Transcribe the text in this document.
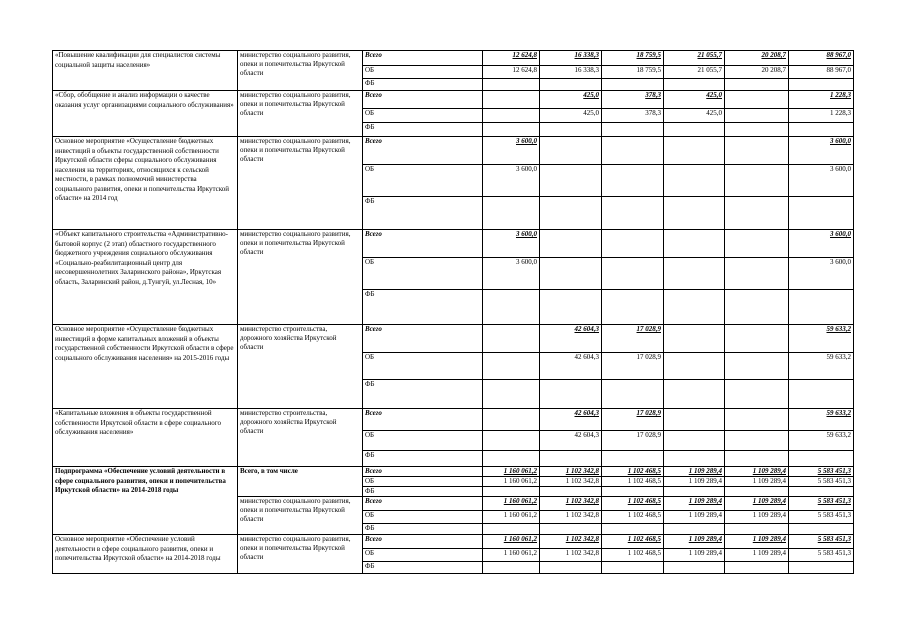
«Повышение квалификации для специалистов системы социальной защиты населения»	министерство социального развития, опеки и попечительства Иркутской области	Всего	12 624,8	16 338,3	18 759,5	21 055,7	20 208,7	88 967,0
		ОБ	12 624,8	16 338,3	18 759,5	21 055,7	20 208,7	88 967,0
		ФБ						
«Сбор, обобщение и анализ информации о качестве оказания услуг организациями социального обслуживания»	министерство социального развития, опеки и попечительства Иркутской области	Всего		425,0	378,3	425,0		1 228,3
		ОБ		425,0	378,3	425,0		1 228,3
		ФБ						
Основное мероприятие «Осуществление бюджетных инвестиций в объекты государственной собственности Иркутской области сферы социального обслуживания населения на территориях, относящихся к сельской местности, в рамках полномочий министерства социального развития, опеки и попечительства Иркутской области» на 2014 год	министерство социального развития, опеки и попечительства Иркутской области	Всего	3 600,0					3 600,0
		ОБ	3 600,0					3 600,0
		ФБ						
«Объект капитального строительства «Административно-бытовой корпус (2 этап) областного государственного бюджетного учреждения социального обслуживания «Социально-реабилитационный центр для несовершеннолетних Заларинского района», Иркутская область, Заларинский район, д.Тунгуй, ул.Лесная, 10»	министерство социального развития, опеки и попечительства Иркутской области	Всего	3 600,0					3 600,0
		ОБ	3 600,0					3 600,0
		ФБ						
Основное мероприятие «Осуществление бюджетных инвестиций в форме капитальных вложений в объекты государственной собственности Иркутской области в сфере социального обслуживания населения» на 2015-2016 годы	министерство строительства, дорожного хозяйства Иркутской области	Всего		42 604,3	17 028,9			59 633,2
		ОБ		42 604,3	17 028,9			59 633,2
		ФБ						
«Капитальные вложения в объекты государственной собственности Иркутской области в сфере социального обслуживания населения»	министерство строительства, дорожного хозяйства Иркутской области	Всего		42 604,3	17 028,9			59 633,2
		ОБ		42 604,3	17 028,9			59 633,2
		ФБ						
Подпрограмма «Обеспечение условий деятельности в сфере социального развития, опеки и попечительства Иркутской области» на 2014-2018 годы	Всего, в том числе	Всего	1 160 061,2	1 102 342,8	1 102 468,5	1 109 289,4	1 109 289,4	5 583 451,3
		ОБ	1 160 061,2	1 102 342,8	1 102 468,5	1 109 289,4	1 109 289,4	5 583 451,3
		ФБ						
	министерство социального развития, опеки и попечительства Иркутской области	Всего	1 160 061,2	1 102 342,8	1 102 468,5	1 109 289,4	1 109 289,4	5 583 451,3
		ОБ	1 160 061,2	1 102 342,8	1 102 468,5	1 109 289,4	1 109 289,4	5 583 451,3
		ФБ						
Основное мероприятие «Обеспечение условий деятельности в сфере социального развития, опеки и попечительства Иркутской области» на 2014-2018 годы	министерство социального развития, опеки и попечительства Иркутской области	Всего	1 160 061,2	1 102 342,8	1 102 468,5	1 109 289,4	1 109 289,4	5 583 451,3
		ОБ	1 160 061,2	1 102 342,8	1 102 468,5	1 109 289,4	1 109 289,4	5 583 451,3
		ФБ						
